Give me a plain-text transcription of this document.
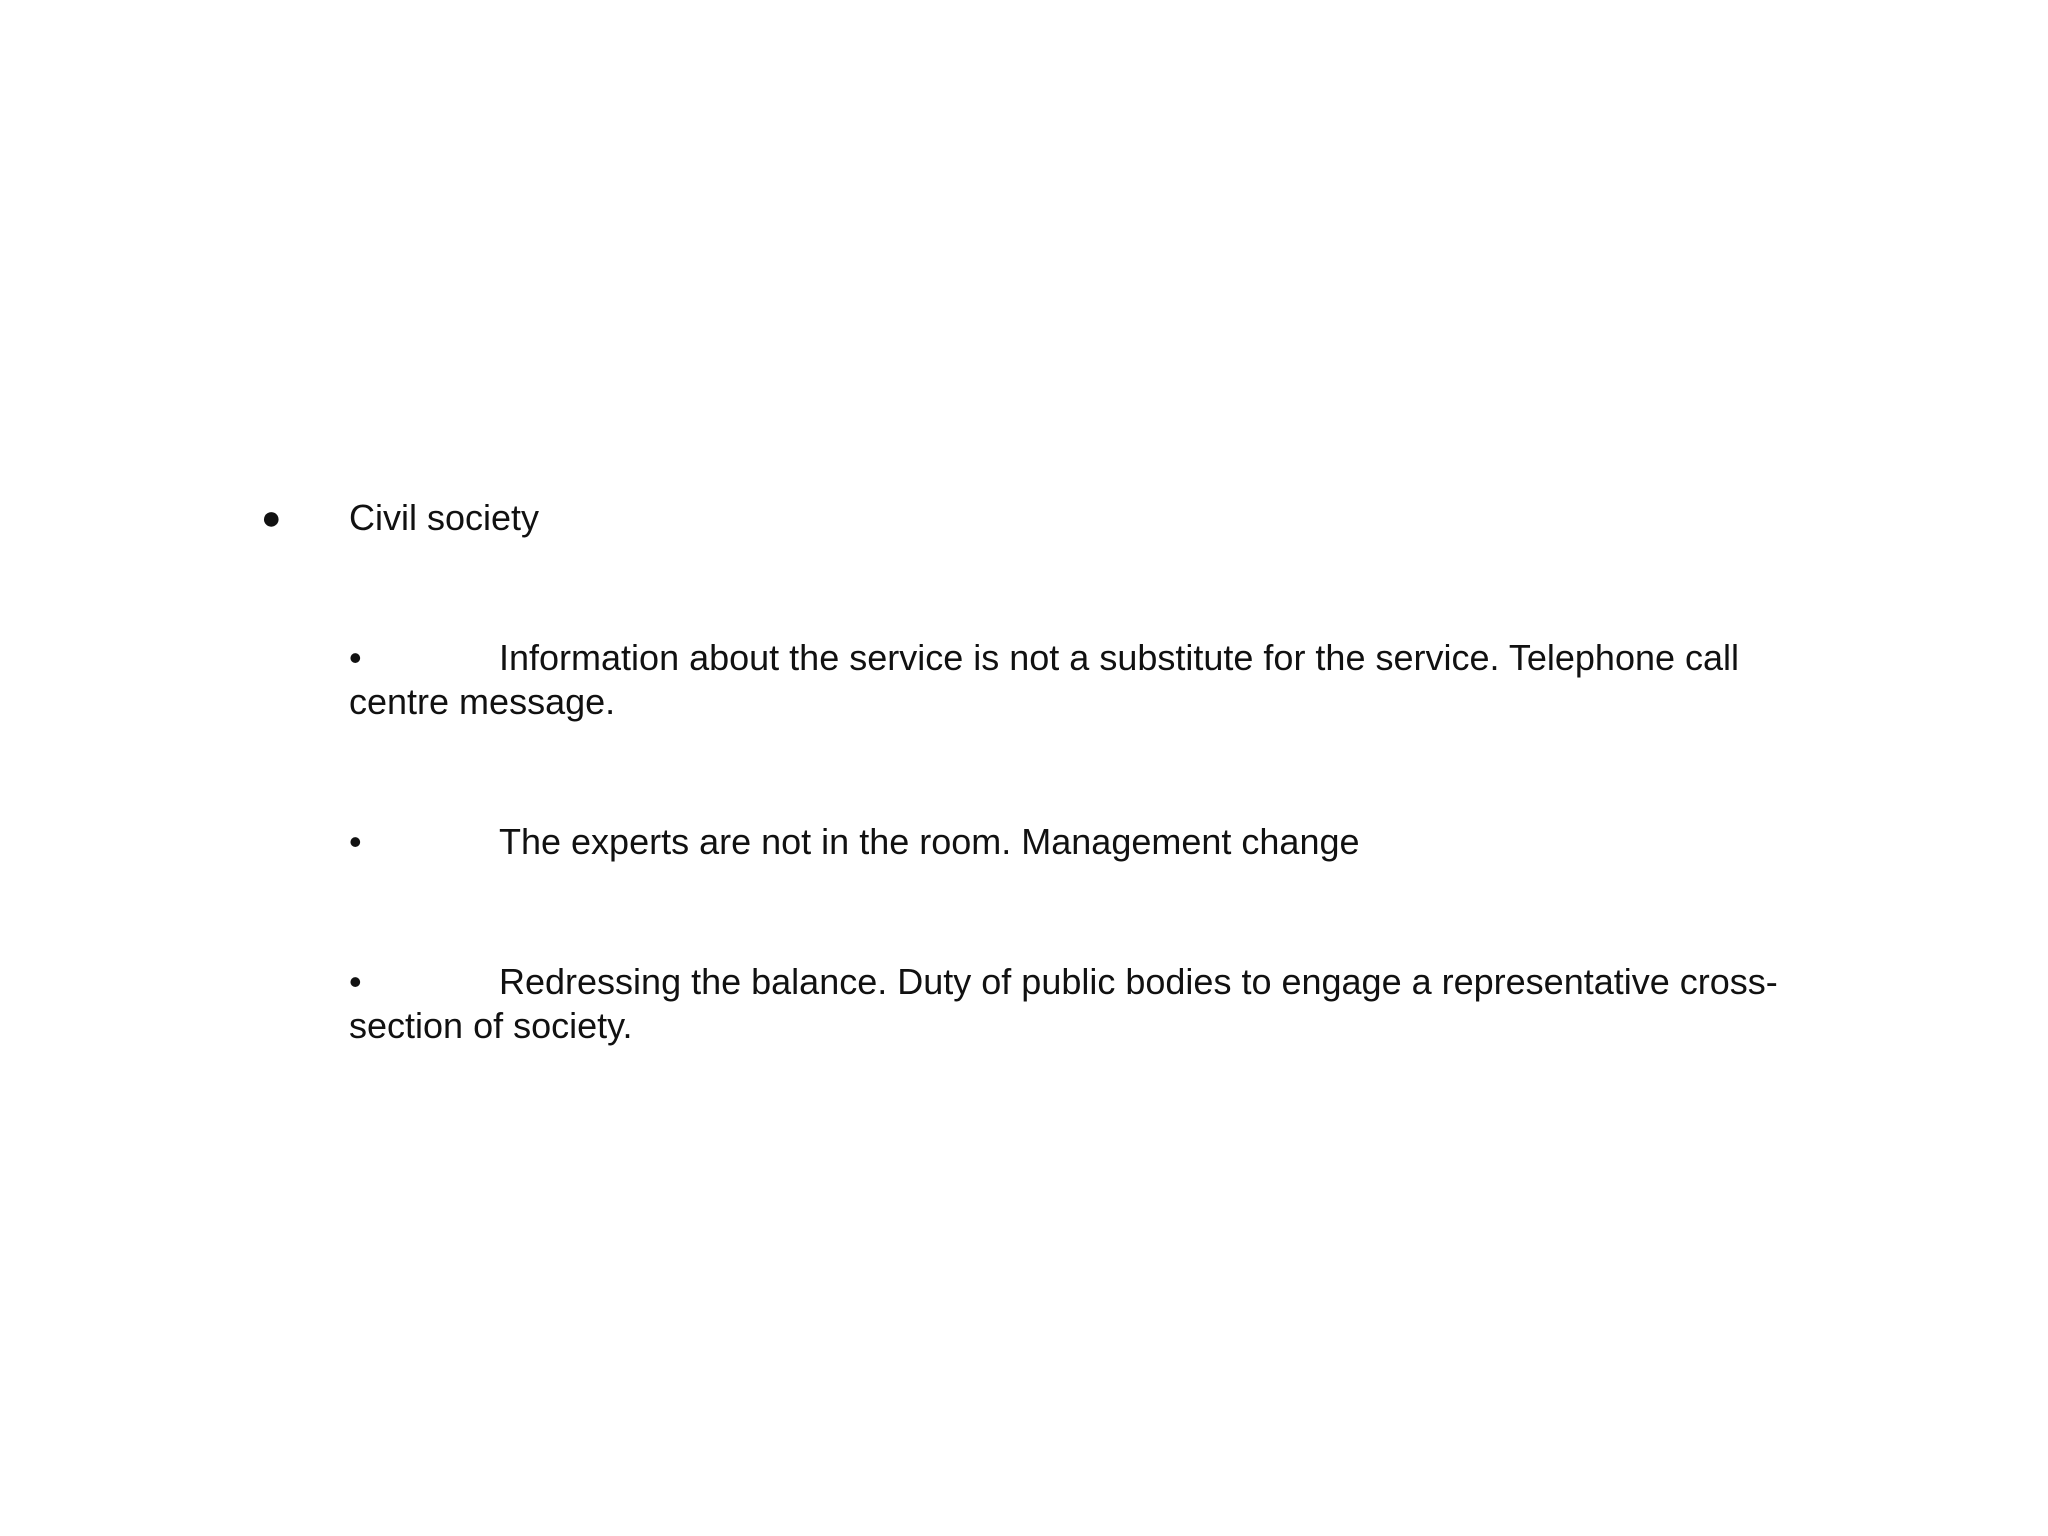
● Civil society
•	Information about the service is not a substitute for the service. Telephone call centre message.
•	The experts are not in the room. Management change
•	Redressing the balance. Duty of public bodies to engage a representative cross-section of society.
